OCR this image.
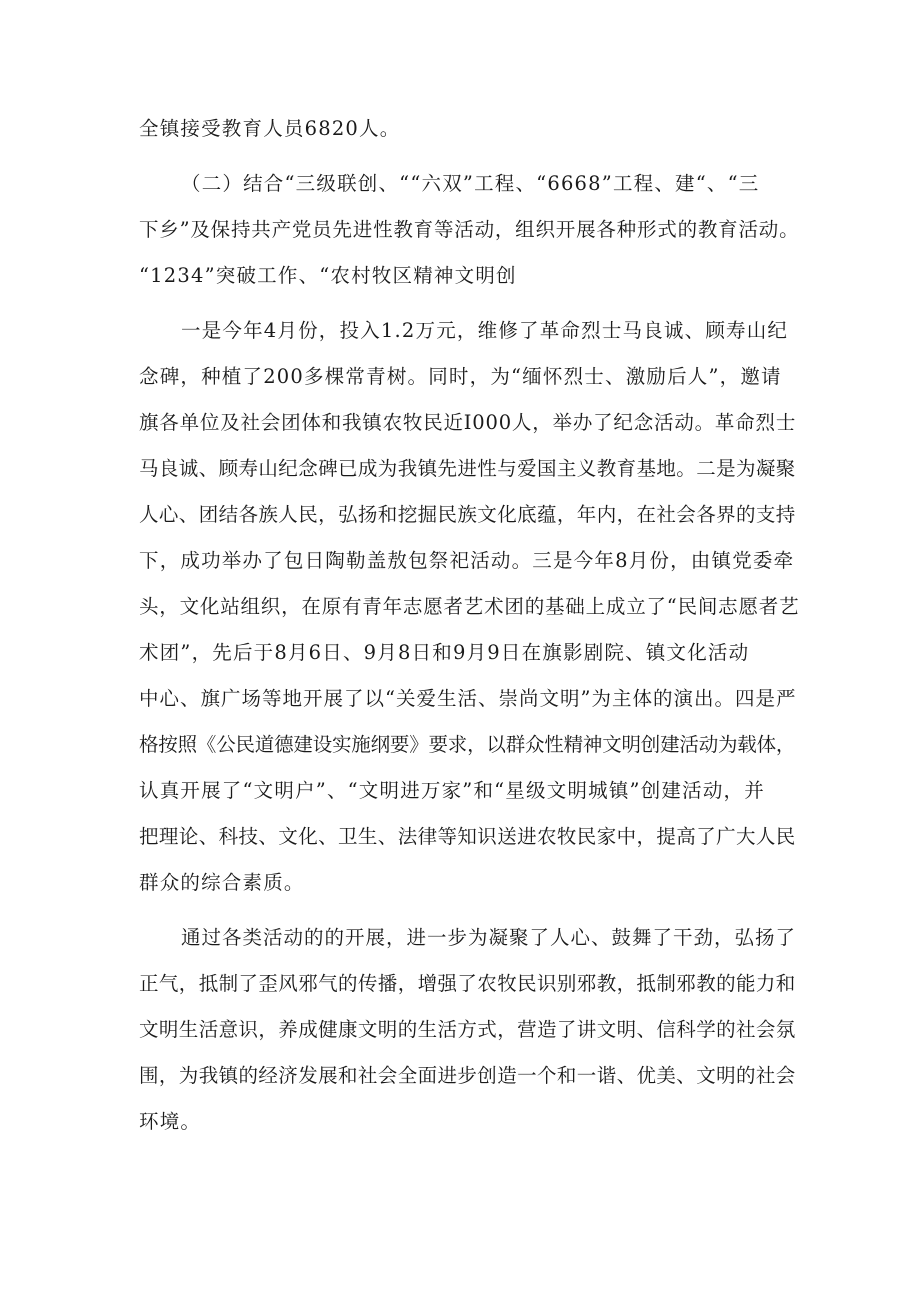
全镇接受教育人员6820人。

（二）结合“三级联创、““六双”工程、“6668”工程、建“、“三

下乡”及保持共产党员先进性教育等活动，组织开展各种形式的教育活动。

“1234”突破工作、“农村牧区精神文明创

一是今年4月份，投入1.2万元，维修了革命烈士马良诚、顾寿山纪

念碑，种植了200多棵常青树。同时，为“缅怀烈士、激励后人”，邀请

旗各单位及社会团体和我镇农牧民近I000人，举办了纪念活动。革命烈士

马良诚、顾寿山纪念碑已成为我镇先进性与爱国主义教育基地。二是为凝聚

人心、团结各族人民，弘扬和挖掘民族文化底蕴，年内，在社会各界的支持

下，成功举办了包日陶勒盖敖包祭祀活动。三是今年8月份，由镇党委牵

头，文化站组织，在原有青年志愿者艺术团的基础上成立了“民间志愿者艺

术团”，先后于8月6日、9月8日和9月9日在旗影剧院、镇文化活动

中心、旗广场等地开展了以“关爱生活、崇尚文明”为主体的演出。四是严

格按照《公民道德建设实施纲要》要求，以群众性精神文明创建活动为载体，

认真开展了“文明户”、“文明进万家”和“星级文明城镇”创建活动，并

把理论、科技、文化、卫生、法律等知识送进农牧民家中，提高了广大人民

群众的综合素质。

通过各类活动的的开展，进一步为凝聚了人心、鼓舞了干劲，弘扬了

正气，抵制了歪风邪气的传播，增强了农牧民识别邪教，抵制邪教的能力和

文明生活意识，养成健康文明的生活方式，营造了讲文明、信科学的社会氛

围，为我镇的经济发展和社会全面进步创造一个和一谐、优美、文明的社会

环境。
